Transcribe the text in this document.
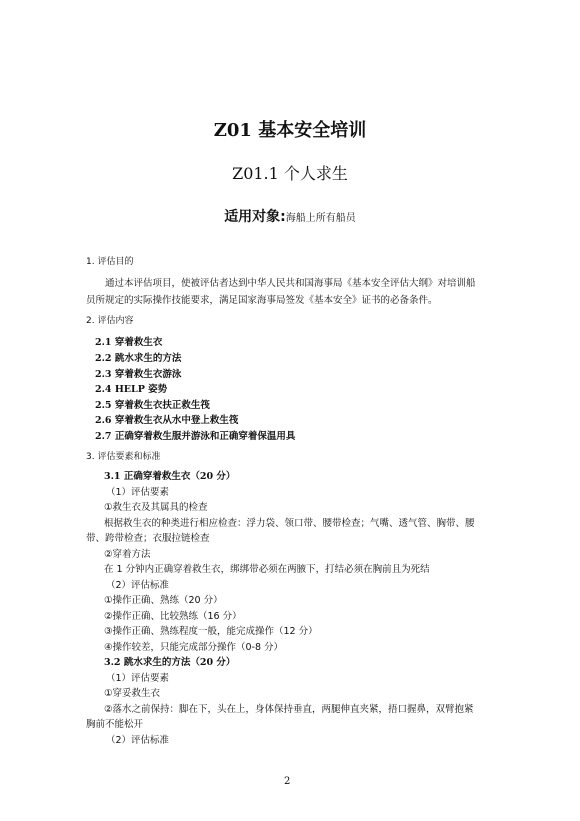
Z01 基本安全培训
Z01.1 个人求生
适用对象:海船上所有船员
1. 评估目的
通过本评估项目，使被评估者达到中华人民共和国海事局《基本安全评估大纲》对培训船
员所规定的实际操作技能要求，满足国家海事局签发《基本安全》证书的必备条件。
2. 评估内容
2.1 穿着救生衣
2.2 跳水求生的方法
2.3 穿着救生衣游泳
2.4 HELP 姿势
2.5 穿着救生衣扶正救生筏
2.6 穿着救生衣从水中登上救生筏
2.7 正确穿着救生服并游泳和正确穿着保温用具
3. 评估要素和标准
3.1 正确穿着救生衣（20 分）
（1）评估要素
①救生衣及其属具的检查
根据救生衣的种类进行相应检查：浮力袋、领口带、腰带检查；气嘴、透气管、胸带、腰
带、跨带检查；衣服拉链检查
②穿着方法
在 1 分钟内正确穿着救生衣，绑绑带必须在两腋下，打结必须在胸前且为死结
（2）评估标准
①操作正确、熟练（20 分）
②操作正确、比较熟练（16 分）
③操作正确、熟练程度一般，能完成操作（12 分）
④操作较差，只能完成部分操作（0-8 分）
3.2 跳水求生的方法（20 分）
（1）评估要素
①穿妥救生衣
②落水之前保持：脚在下，头在上，身体保持垂直，两腿伸直夹紧，捂口握鼻，双臂抱紧
胸前不能松开
（2）评估标准
2
